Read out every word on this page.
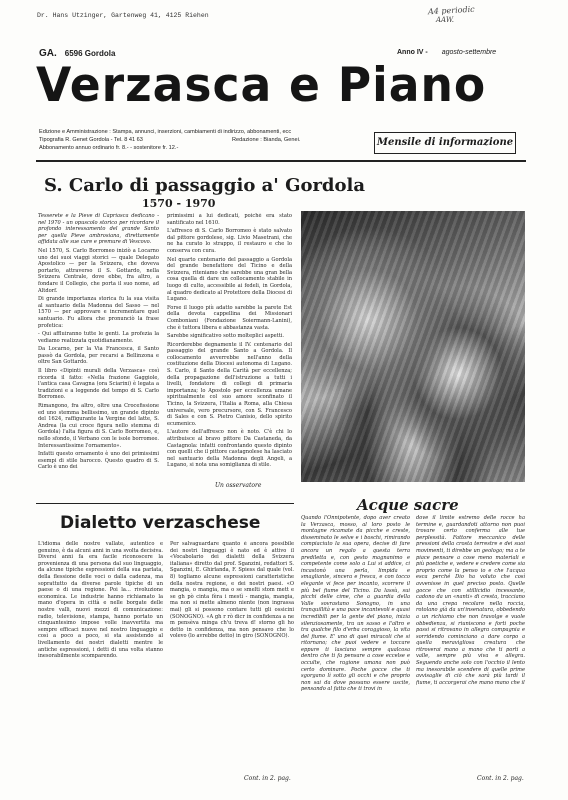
Dr. Hans Utzinger, Gartenweg 41, 4125 Riehen	A4 periodic
AAW.
GA. 6596 Gordola	Anno IV - agosto-settembre
Verzasca e Piano
Edizione e Amministrazione : Stampa, annunci, inserzioni, cambiamenti di indirizzo, abbonamenti, ecc
Tipografia R. Genet Gordola - Tel. 8 41 63	Redazione : Bianda, Genei.
Abbonamento annuo ordinario fr. 8.- - sostenitore fr. 12.-	Mensile di informazione
S. Carlo di passaggio a' Gordola
1570 - 1970

Tesserete e la Pieve di Capriasca dedicano - nel 1970 - un opuscolo storico per ricordare il profondo interessamento del grande Santo per quella Pieve ambrosiana, direttamente affidata alle sue cure e premure di Vescovo.

Nel 1570, S. Carlo Borromeo iniziò a Locarno uno dei suoi viaggi storici — quale Delegato Apostolico — per la Svizzera, che doveva portarlo, attraverso il S. Gottardo, nella Svizzera Centrale, dove ebbe, fra altro, a fondare il Collegio, che porta il suo nome, ad Altdorf.

Di grande importanza storica fu la sua visita al santuario della Madonna del Sasso — nel 1570 — per approvare e incrementare quel santuario. Fu allora che pronunciò la frase profetica:

- Qui affluiranno tutte le genti. La profezia la vediamo realizzata quotidianamente.

Da Locarno, per la Via Francesca, il Santo passò da Gordola, per recarsi a Bellinzona e oltre San Gottardo.

Il libro «Dipinti murali della Verzasca» così ricorda il fatto: «Nella frazione Gaggiole, l'antica casa Cavagna (ora Sciarini) è legata a tradizioni e a leggende del tempo di S. Carlo Borromeo.

Rimangono, fra altro, oltre una Crocefissione ed uno stemma bellissimo, un grande dipinto del 1624, raffigurante la Vergine del latte, S. Andrea (la cui croce figura nello stemma di Gordola) l'alta figura di S. Carlo Borromeo, e, nello sfondo, il Verbano con le isole borromee. Interessantissime l'ornamento».

Infatti questo ornamento è uno dei primissimi esempi di stile barocco. Questo quadro di S. Carlo è uno dei

primissimi a lui dedicati, poiché era stato santificato nel 1610.

L'affresco di S. Carlo Borromeo è stato salvato dal pittore gordolese, sig. Livio Masetrani, che ne ha curato lo strappo, il restauro e che lo conserva con cura.

Nel quarto centenario del passaggio a Gordola del grande benefattore del Ticino e della Svizzera, riteniamo che sarebbe una gran bella cosa quella di dare un collocamento stabile in luogo di culto, accessibile ai fedeli, in Gordola, al quadro dedicato al Protettore della Diocesi di Lugano.

Forse il luogo più adatto sarebbe la parete Est della devota cappellina dei Missionari Comboniani (Fondazione Soiermann-Lanini), che è tuttora libera e abbastanza vasta.

Sarebbe significativo sotto molteplici aspetti.

Ricorderebbe degnamente il IV. centenario del passaggio del grande Santo a Gordola. Il collocamento avverrebbe nell'anno della costituzione della Diocesi autonoma di Lugano. S. Carlo, il Santo della Carità per eccellenza; della propagazione dell'istruzione a tutti i livelli, fondatore di collegi di primaria importanza; lo Apostolo per eccellenza umane spiritualmente col suo amore sconfinato il Ticino, la Svizzera, l'Italia a Roma, alla Chiesa universale, vero precursore, con S. Francesco di Sales e con S. Pietro Canisio, dello spirito ecumenico.

L'autore dell'affresco non è noto. C'è chi lo attribuisce al bravo pittore Da Castaneda, da Castagnola: infatti confrontando questo dipinto con quelli che il pittore castagnolese ha lasciato nel santuario della Madonna degli Angeli, a Lugano, si nota una somiglianza di stile.

Un osservatore
Acque sacre
Dialetto verzaschese
L'idioma delle nostre vallate, autentico e genuino, è da alcuni anni in una svolta decisiva. Diversi anni fa era facile riconoscere la provenienza di una persona dal suo linguaggio, da alcune tipiche espressioni della sua parlata, della flessione delle voci o dalla cadenza, ma soprattutto da diverse parole tipiche di un paese o di una regione. Poi la... rivoluzione economica. Le industrie hanno richiamato la mano d'opera in città e nelle borgate delle nostre valli, nuovi mezzi di comunicazione: radio, televisione, stampa, hanno portato un cinquantesimo impose volle inavvertita ma sempre efficaci nuove nel nostro linguaggio e così a poco a poco, si sta assistendo al livellamento dei nostri dialetti mentre le antiche espressioni, i detti di una volta stanno inesorabilmente scomparendo.
Per salvaguardare quanto è ancora possibile dei nostri linguaggi è nato ed è attivo il «Vocabolario dei dialetti della Svizzera italiana» diretto dal prof. Sganzini, redattori S. Sganzini, E. Ghirlanda, F. Spiess dal quale (vol. 8) togliamo alcune espressioni caratteristiche della nostra regione, e dei nostri paesi. «O mangia, o mangia, ma o se smelti stom mett e se gh pò cinta fèra i mestì - mangia, mangia, ma non si mette almeno niente (non ingrassa mai) gli si possono contare tutti gli ossicini (SONOGNO). «A gh r rò dicr in confidenza a ne m pensèva minga ch'u treva d! storno gli ho detto in confidenza, ma non pensavo che lo volevo (lo avrebbe detto) in giro (SONOGNO).
Cont. in 2. pag.
Quando l'Onnipotente, dopo aver creato la Verzasca, mosso, al loro posto le montagne ricamate da picche e creste, disseminato le selve e i boschi, rimirando compiaciuto la sua opera, decise di fare ancora un regalo a questa terra prediletta e, con gesto magnanimo e competente come solo a Lui si addice, ci incastonò una perla, limpida e smagliante, sincera e fresca, e con tocco elegante vi fece per incanto, scorrere il più bel fiume del Ticino. Da lassù, sui picchi delle cime, che a guardia della Valle sovrastano Sonogno, in una tranquillità e una pace incantevoli e quasi incredibili per la gente del piano, inizia silenziosamente, tra un sasso e l'altro e tra qualche filo d'erba coraggioso, la vita del fiume. E' uno di quei miracoli che si ritornano; che puoi vedere e toccare eppure ti lasciano sempre qualcosa dentro che ti fa pensare a cose eccelse e occulte, che ragione umana non può certo dominare. Poche gocce che ti sgorgano lì sotto gli occhi e che proprio non sai da dove possano essere uscite, pensando al fatto che ti trovi in
dove il limite estremo delle rocce ha termine e, guardandoti attorno non puoi trovare certo conferma alle tue perplessità. Fattore meccanico delle pressioni della crosta terrestre e dei suoi movimenti, ti direbbe un geologo; ma a te piace pensare a cose meno materiali e più poetiche e, vedere e credere come sia proprio come la penso io e che l'acqua esca perché Dio ha voluto che così avvenisse in quel preciso posto. Quelle gocce che con stillicidio incessante, cadono da un «nanti» di cresta, tracciano da una crepa recolare nella roccia, rotolano già da un'insenatura, obbedendo a un richiamo che non travolge e vuole obbedienza, si riuniscono e forti poche passi si ritrovano in allegra compagnia e sorridendo cominciano a dare corpo a quella meravigliosa creatura che ritroverai mano a mano che ti porti a valle, sempre più viva e allegra. Seguendo anche solo con l'occhio il lento ma inesorabile scendere di quelle prime avvisaglie di ciò che sarà più tardi il fiume, ti accorgerai che mano mano che il
Cont. in 2. pag.
